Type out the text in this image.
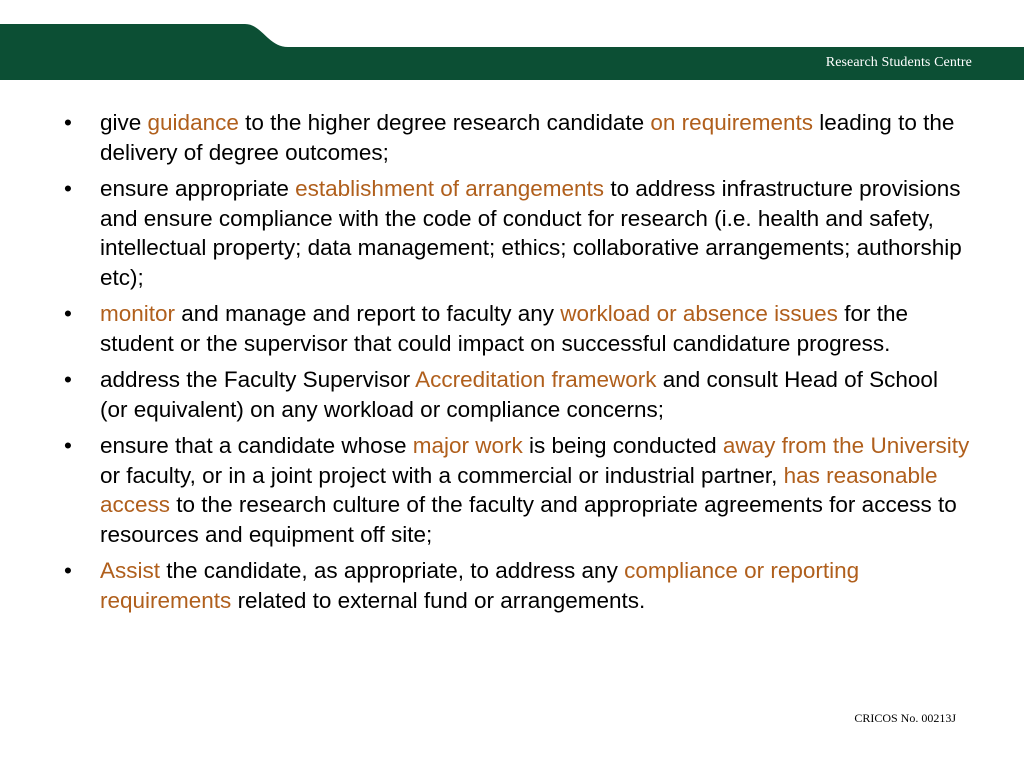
Research Students Centre
• give guidance to the higher degree research candidate on requirements leading to the delivery of degree outcomes;
• ensure appropriate establishment of arrangements to address infrastructure provisions and ensure compliance with the code of conduct for research (i.e. health and safety, intellectual property; data management; ethics; collaborative arrangements; authorship etc);
• monitor and manage and report to faculty any workload or absence issues for the student or the supervisor that could impact on successful candidature progress.
• address the Faculty Supervisor Accreditation framework and consult Head of School (or equivalent) on any workload or compliance concerns;
• ensure that a candidate whose major work is being conducted away from the University or faculty, or in a joint project with a commercial or industrial partner, has reasonable access to the research culture of the faculty and appropriate agreements for access to resources and equipment off site;
• Assist the candidate, as appropriate, to address any compliance or reporting requirements related to external fund or arrangements.
CRICOS No. 00213J
